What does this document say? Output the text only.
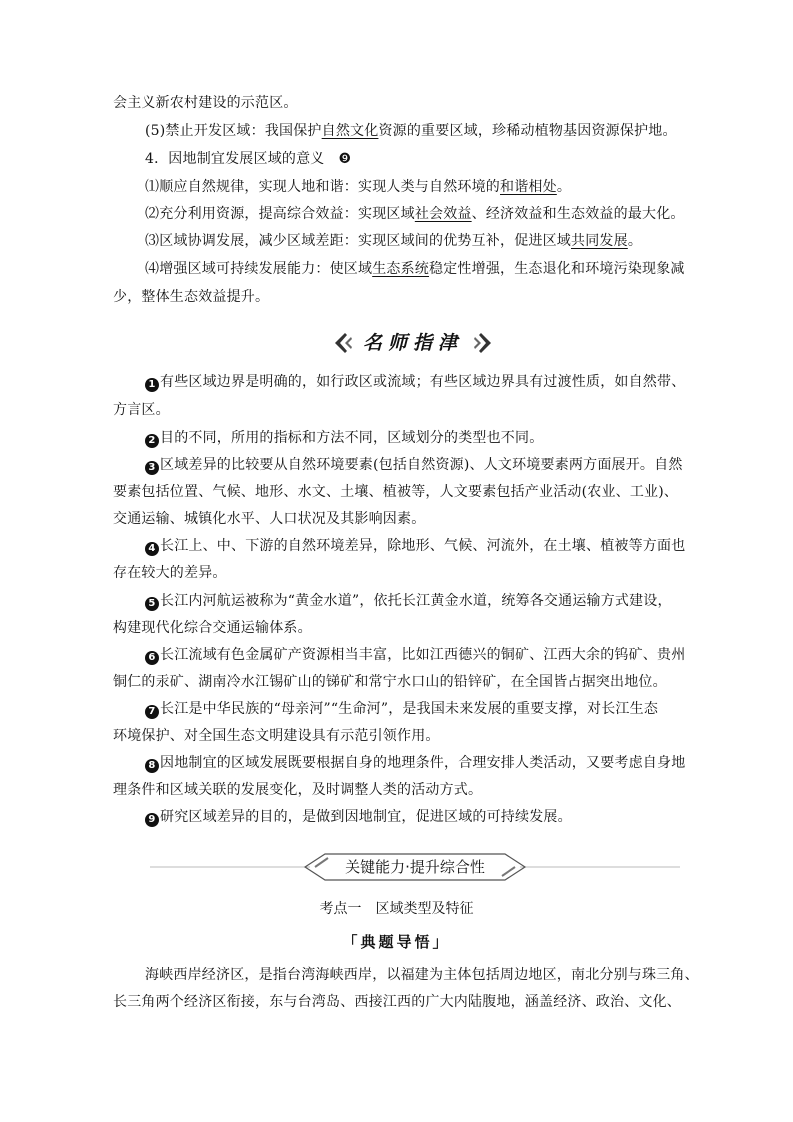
会主义新农村建设的示范区。
(5)禁止开发区域：我国保护自然文化资源的重要区域，珍稀动植物基因资源保护地。
4．因地制宜发展区域的意义 ❾
⑴顺应自然规律，实现人地和谐：实现人类与自然环境的和谐相处。
⑵充分利用资源，提高综合效益：实现区域社会效益、经济效益和生态效益的最大化。
⑶区域协调发展，减少区域差距：实现区域间的优势互补，促进区域共同发展。
⑷增强区域可持续发展能力：使区域生态系统稳定性增强，生态退化和环境污染现象减
少，整体生态效益提升。
名师指津
1 有些区域边界是明确的，如行政区或流域；有些区域边界具有过渡性质，如自然带、
方言区。
2 目的不同，所用的指标和方法不同，区域划分的类型也不同。
3 区域差异的比较要从自然环境要素(包括自然资源)、人文环境要素两方面展开。自然
要素包括位置、气候、地形、水文、土壤、植被等，人文要素包括产业活动(农业、工业)、
交通运输、城镇化水平、人口状况及其影响因素。
4 长江上、中、下游的自然环境差异，除地形、气候、河流外，在土壤、植被等方面也
存在较大的差异。
5 长江内河航运被称为“黄金水道”，依托长江黄金水道，统筹各交通运输方式建设，
构建现代化综合交通运输体系。
6 长江流域有色金属矿产资源相当丰富，比如江西德兴的铜矿、江西大余的钨矿、贵州
铜仁的汞矿、湖南冷水江锡矿山的锑矿和常宁水口山的铅锌矿，在全国皆占据突出地位。
7 长江是中华民族的“母亲河”“生命河”，是我国未来发展的重要支撑，对长江生态
环境保护、对全国生态文明建设具有示范引领作用。
8 因地制宜的区域发展既要根据自身的地理条件，合理安排人类活动，又要考虑自身地
理条件和区域关联的发展变化，及时调整人类的活动方式。
9 研究区域差异的目的，是做到因地制宜，促进区域的可持续发展。
关键能力·提升综合性
考点一　区域类型及特征
「典题导悟」
海峡西岸经济区，是指台湾海峡西岸，以福建为主体包括周边地区，南北分别与珠三角、
长三角两个经济区衔接，东与台湾岛、西接江西的广大内陆腹地，涵盖经济、政治、文化、
